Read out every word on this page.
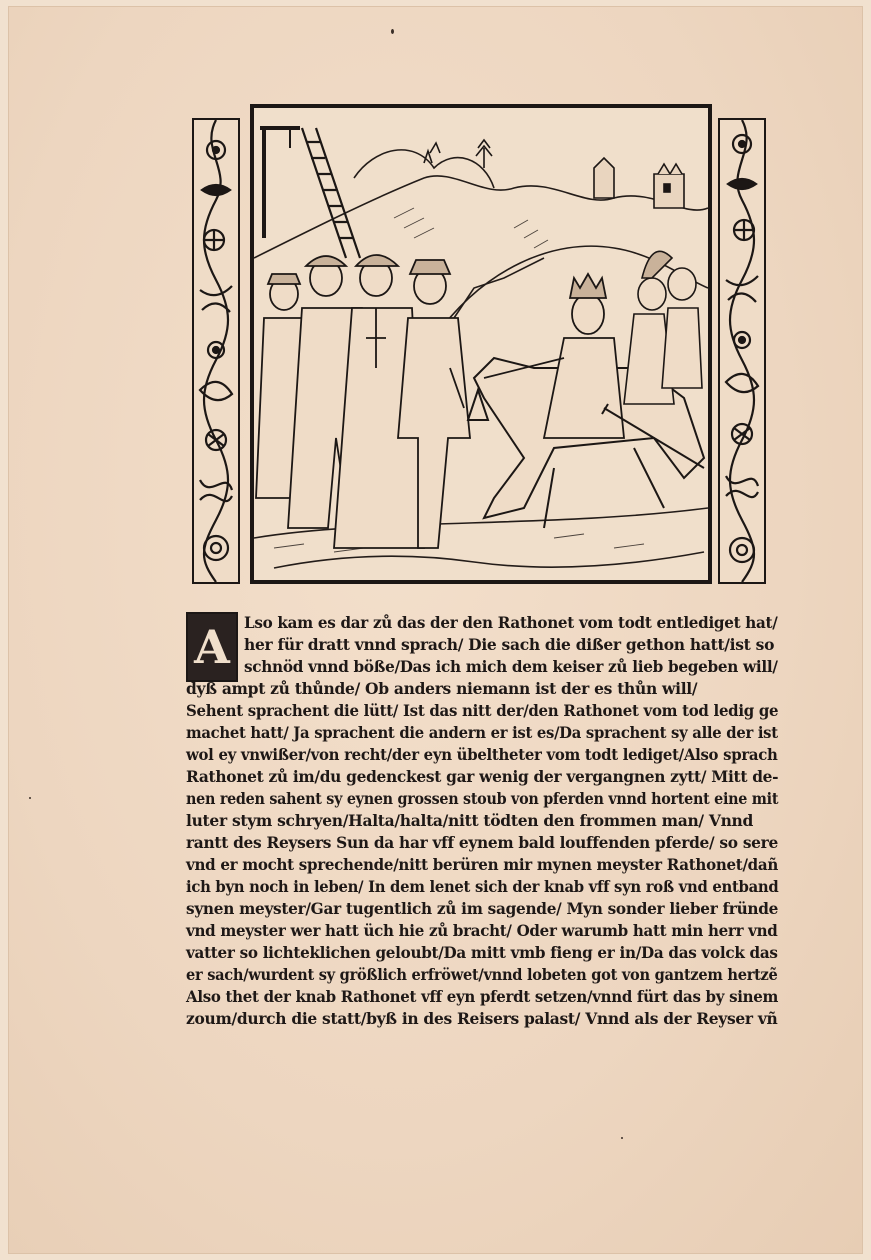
A Lso kam es dar zů das der den Rathonet vom todt entlediget hat/
her für dratt vnnd sprach/ Die sach die dißer gethon hatt/ist so
schnöd vnnd böße/Das ich mich dem keiser zů lieb begeben will/
dyß ampt zů thůnde/ Ob anders niemann ist der es thůn will/
Sehent sprachent die lütt/ Ist das nitt der/den Rathonet vom tod ledig ge
machet hatt/ Ja sprachent die andern er ist es/Da sprachent sy alle der ist
wol ey vnwißer/von recht/der eyn übeltheter vom todt lediget/Also sprach
Rathonet zů im/du gedenckest gar wenig der vergangnen zytt/ Mitt de-
nen reden sahent sy eynen grossen stoub von pferden vnnd hortent eine mit
luter stym schryen/Halta/halta/nitt tödten den frommen man/ Vnnd
rantt des Reysers Sun da har vff eynem bald louffenden pferde/ so sere
vnd er mocht sprechende/nitt berüren mir mynen meyster Rathonet/dañ
ich byn noch in leben/ In dem lenet sich der knab vff syn roß vnd entband
synen meyster/Gar tugentlich zů im sagende/ Myn sonder lieber fründe
vnd meyster wer hatt üch hie zů bracht/ Oder warumb hatt min herr vnd
vatter so lichteklichen geloubt/Da mitt vmb fieng er in/Da das volck das
er sach/wurdent sy größlich erfröwet/vnnd lobeten got von gantzem hertzẽ
Also thet der knab Rathonet vff eyn pferdt setzen/vnnd fürt das by sinem
zoum/durch die statt/byß in des Reisers palast/ Vnnd als der Reyser vñ
